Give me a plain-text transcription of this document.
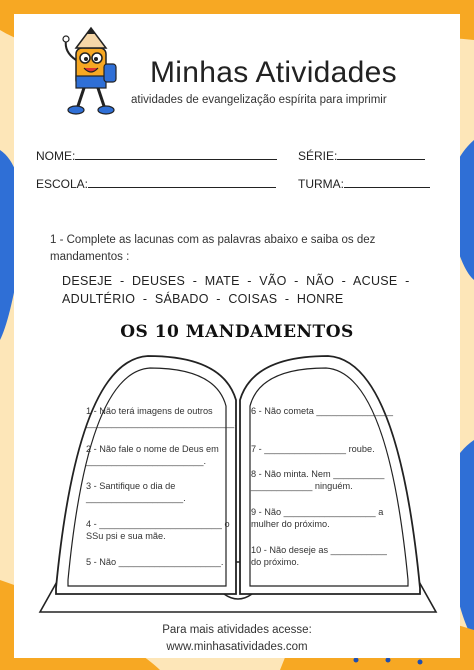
Minhas Atividades
atividades de evangelização espírita para imprimir
NOME:	SÉRIE:
ESCOLA:	TURMA:
1 - Complete as lacunas com as palavras abaixo e saiba os dez mandamentos :
DESEJE  -  DEUSES  -  MATE  -  VÃO  -  NÃO  -  ACUSE  -
ADULTÉRIO  -  SÁBADO  -  COISAS  -  HONRE
OS 10 MANDAMENTOS
1 - Não terá imagens de outros
_____________________________.
2 - Não fale o nome de Deus em
_______________________.
3 - Santifique o dia de
___________________.
4 - ________________________ o
SSu psi e sua mãe.
5 - Não ____________________.
6 - Não cometa _______________
7 - ________________ roube.
8 - Não minta. Nem __________
____________ ninguém.
9 - Não __________________ a
mulher do próximo.
10 - Não deseje as ___________
do próximo.
Para mais atividades acesse:
www.minhasatividades.com
